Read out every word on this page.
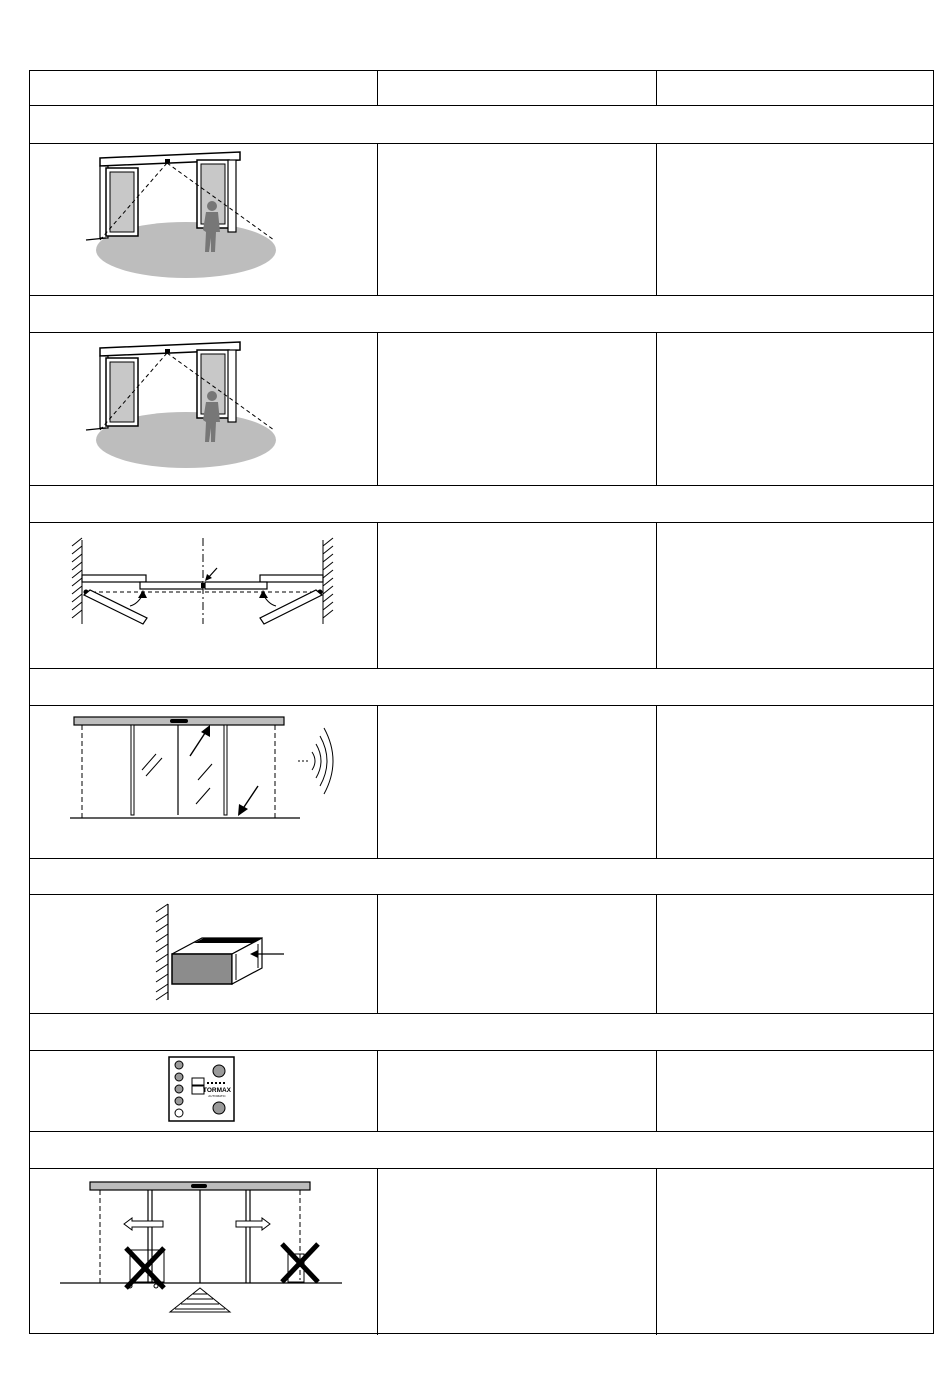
TORMAX
AUTOMATIC
